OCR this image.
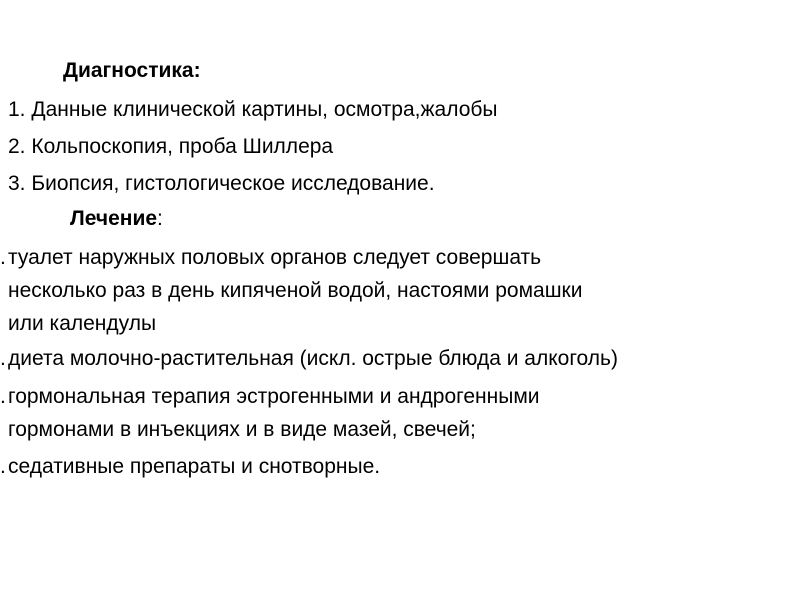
Диагностика:
1. Данные клинической картины, осмотра,жалобы
2. Кольпоскопия, проба Шиллера
3. Биопсия, гистологическое исследование.
Лечение:
. туалет наружных половых органов следует совершать
несколько раз в день кипяченой водой, настоями ромашки
или календулы
. диета молочно-растительная (искл. острые блюда и алкоголь)
. гормональная терапия эстрогенными и андрогенными
гормонами в инъекциях и в виде мазей, свечей;
. седативные препараты и снотворные.
